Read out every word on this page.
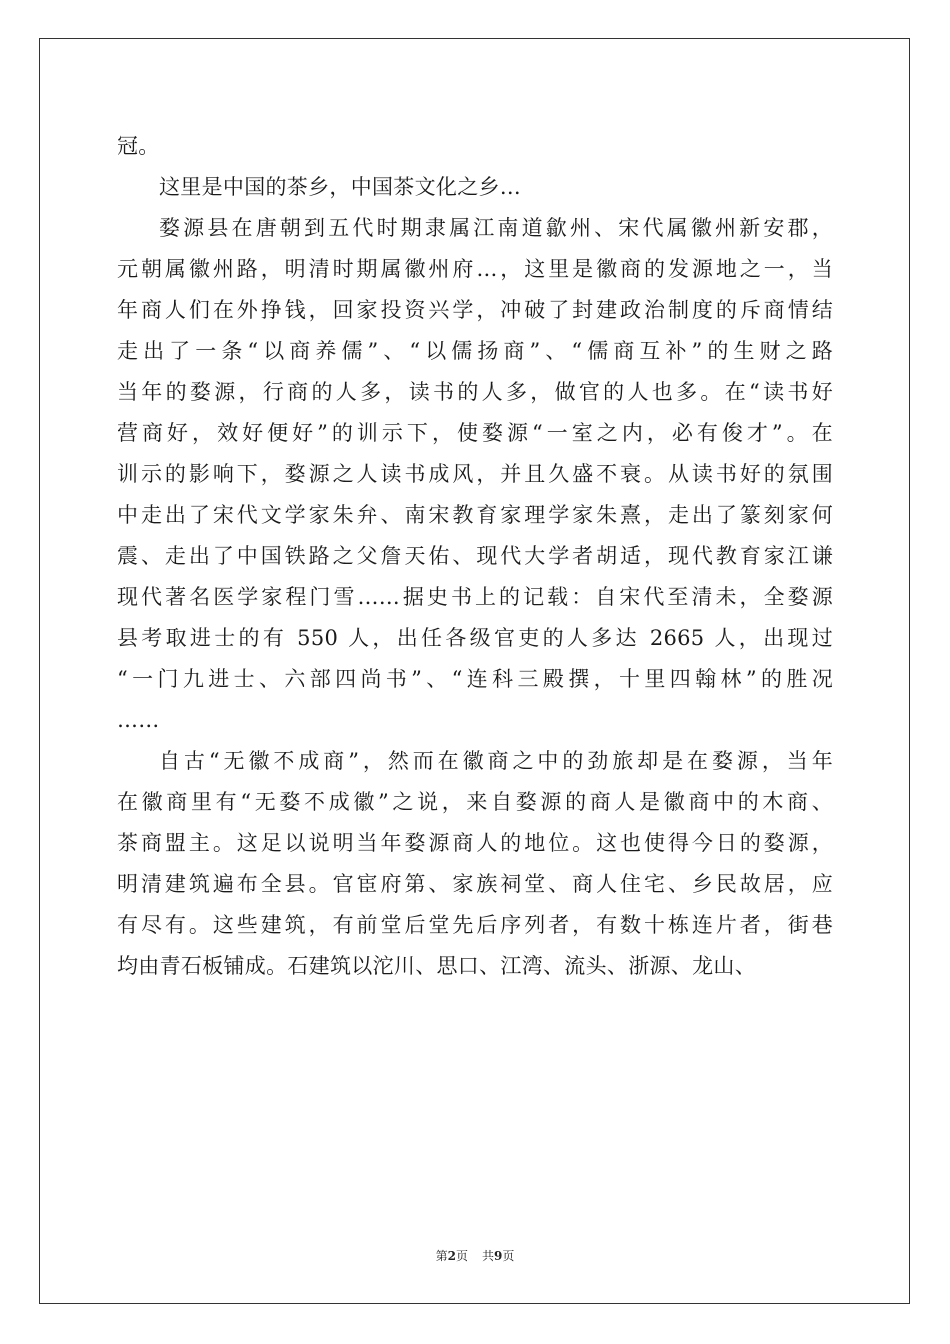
冠。
这里是中国的茶乡，中国茶文化之乡…
婺源县在唐朝到五代时期隶属江南道歙州、宋代属徽州新安郡，
元朝属徽州路，明清时期属徽州府…，这里是徽商的发源地之一，当
年商人们在外挣钱，回家投资兴学，冲破了封建政治制度的斥商情结
走出了一条“以商养儒”、“以儒扬商”、“儒商互补”的生财之路
当年的婺源，行商的人多，读书的人多，做官的人也多。在“读书好
营商好，效好便好”的训示下，使婺源“一室之内，必有俊才”。在
训示的影响下，婺源之人读书成风，并且久盛不衰。从读书好的氛围
中走出了宋代文学家朱弁、南宋教育家理学家朱熹，走出了篆刻家何
震、走出了中国铁路之父詹天佑、现代大学者胡适，现代教育家江谦
现代著名医学家程门雪……据史书上的记载：自宋代至清未，全婺源
县考取进士的有 550 人，出任各级官吏的人多达 2665 人，出现过
“一门九进士、六部四尚书”、“连科三殿撰，十里四翰林”的胜况
……
自古“无徽不成商”，然而在徽商之中的劲旅却是在婺源，当年
在徽商里有“无婺不成徽”之说，来自婺源的商人是徽商中的木商、
茶商盟主。这足以说明当年婺源商人的地位。这也使得今日的婺源，
明清建筑遍布全县。官宦府第、家族祠堂、商人住宅、乡民故居，应
有尽有。这些建筑，有前堂后堂先后序列者，有数十栋连片者，街巷
均由青石板铺成。石建筑以沱川、思口、江湾、流头、浙源、龙山、
第2页 共9页
